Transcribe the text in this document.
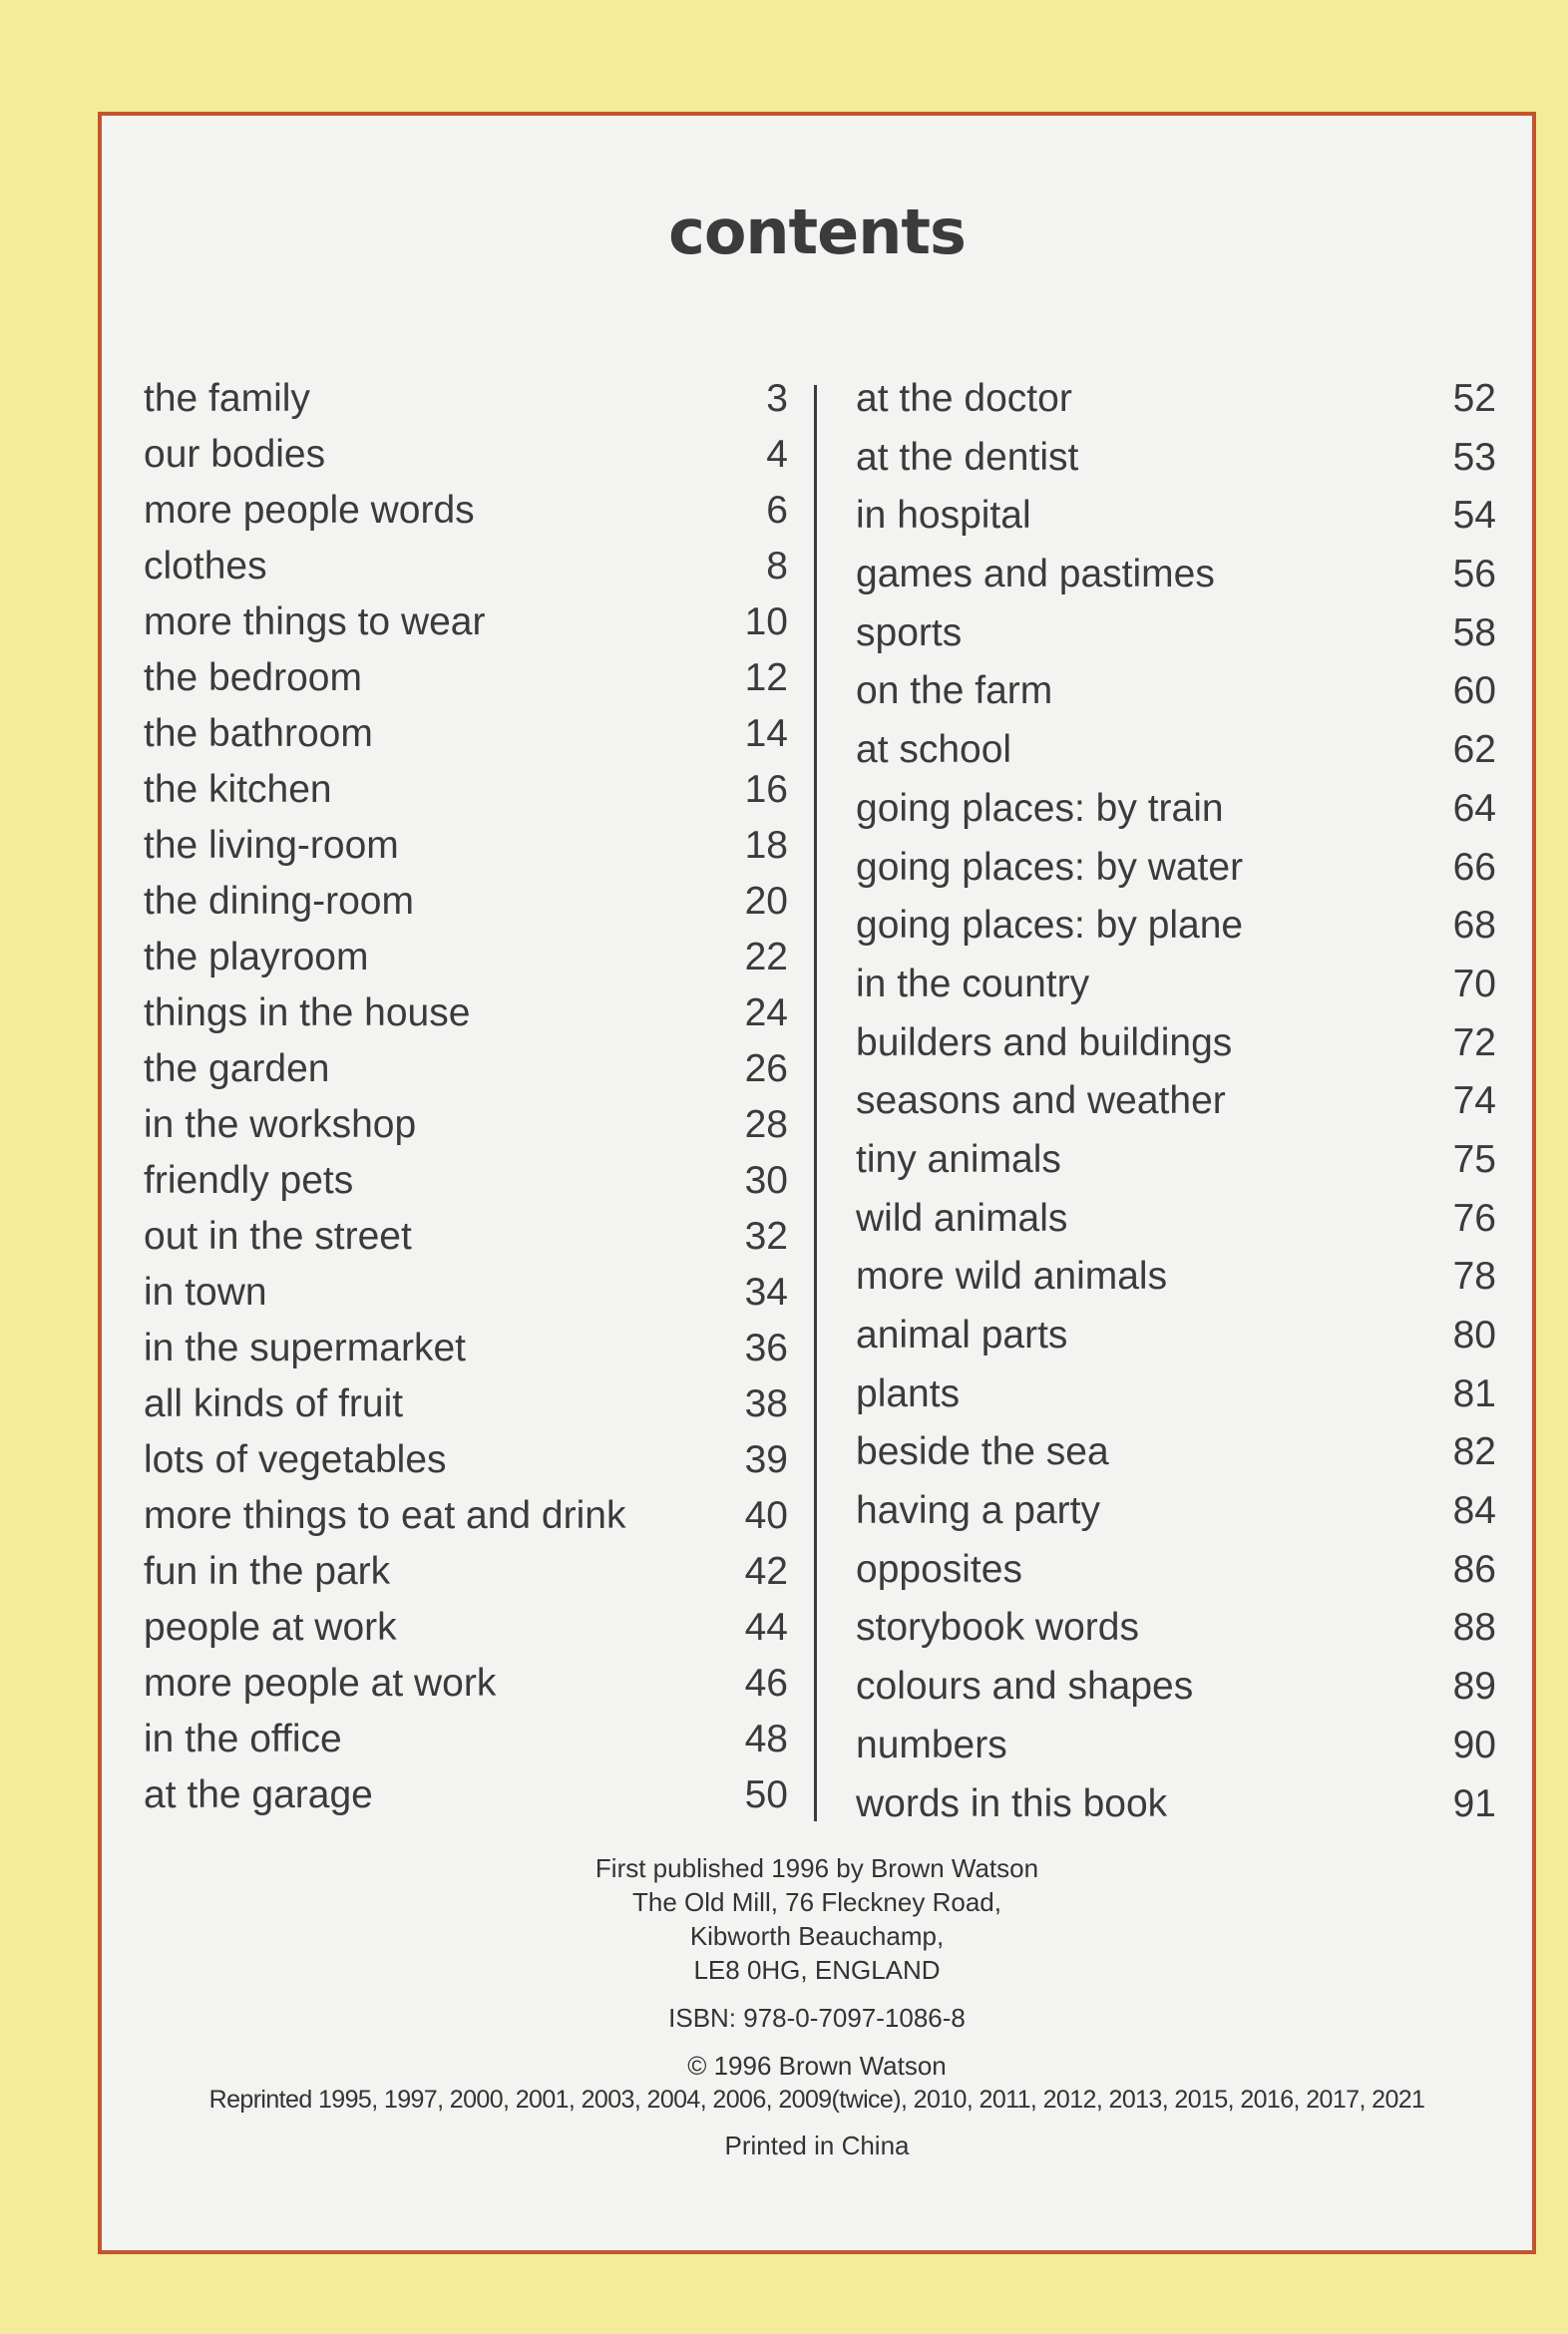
contents
the family	3
our bodies	4
more people words	6
clothes	8
more things to wear	10
the bedroom	12
the bathroom	14
the kitchen	16
the living-room	18
the dining-room	20
the playroom	22
things in the house	24
the garden	26
in the workshop	28
friendly pets	30
out in the street	32
in town	34
in the supermarket	36
all kinds of fruit	38
lots of vegetables	39
more things to eat and drink	40
fun in the park	42
people at work	44
more people at work	46
in the office	48
at the garage	50
at the doctor	52
at the dentist	53
in hospital	54
games and pastimes	56
sports	58
on the farm	60
at school	62
going places: by train	64
going places: by water	66
going places: by plane	68
in the country	70
builders and buildings	72
seasons and weather	74
tiny animals	75
wild animals	76
more wild animals	78
animal parts	80
plants	81
beside the sea	82
having a party	84
opposites	86
storybook words	88
colours and shapes	89
numbers	90
words in this book	91
First published 1996 by Brown Watson
The Old Mill, 76 Fleckney Road,
Kibworth Beauchamp,
LE8 0HG, ENGLAND
ISBN: 978-0-7097-1086-8
© 1996 Brown Watson
Reprinted 1995, 1997, 2000, 2001, 2003, 2004, 2006, 2009(twice), 2010, 2011, 2012, 2013, 2015, 2016, 2017, 2021
Printed in China
